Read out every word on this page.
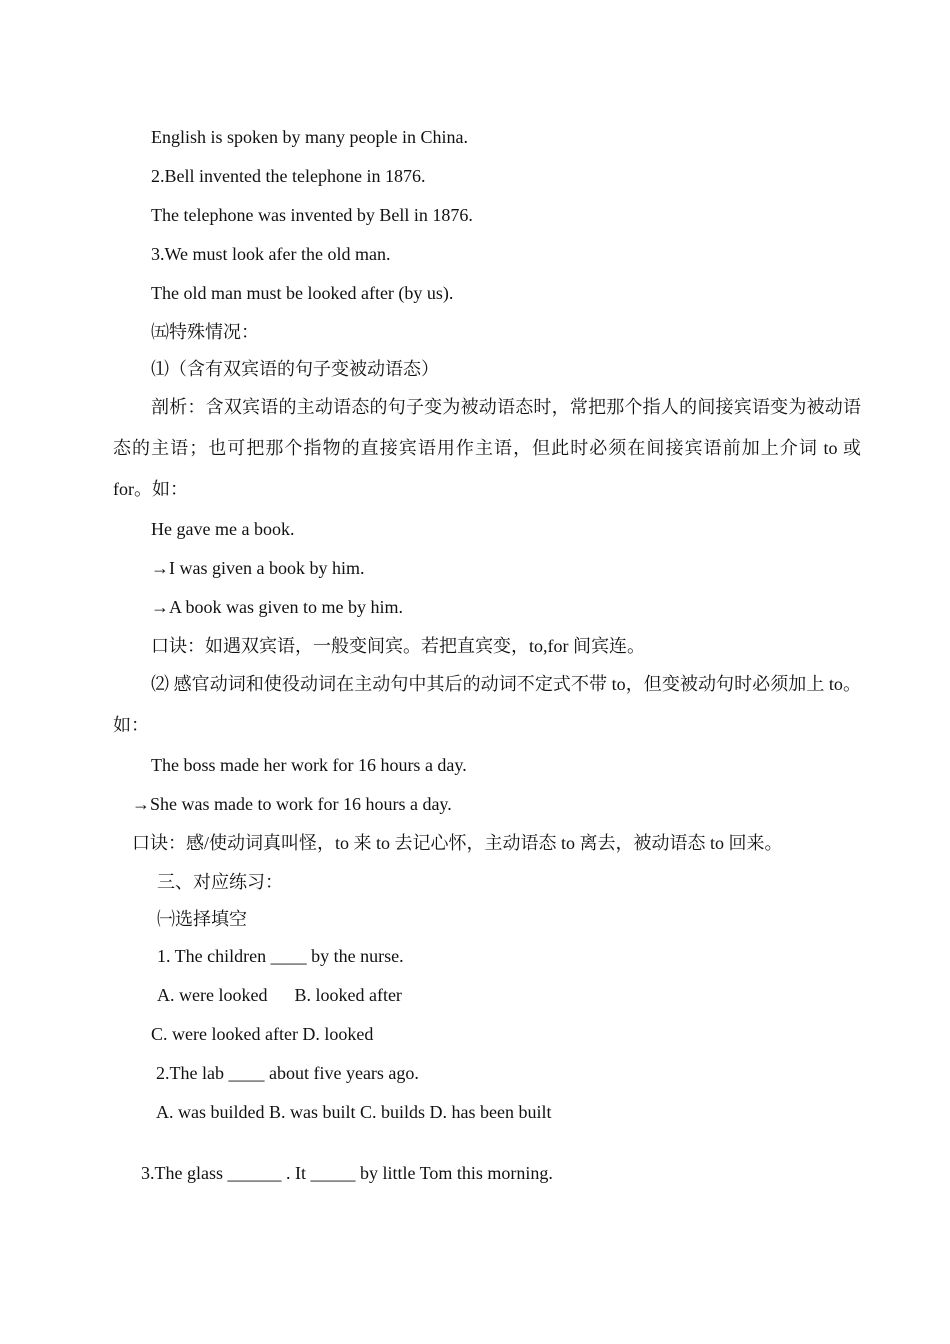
English is spoken by many people in China.
2.Bell invented the telephone in 1876.
The telephone was invented by Bell in 1876.
3.We must look afer the old man.
The old man must be looked after (by us).
㈤特殊情况：
⑴（含有双宾语的句子变被动语态）
剖析：含双宾语的主动语态的句子变为被动语态时，常把那个指人的间接宾语变为被动语态的主语；也可把那个指物的直接宾语用作主语，但此时必须在间接宾语前加上介词 to 或 for。如：
He gave me a book.
→I was given a book by him.
→A book was given to me by him.
口诀：如遇双宾语，一般变间宾。若把直宾变，to,for 间宾连。
⑵ 感官动词和使役动词在主动句中其后的动词不定式不带 to，但变被动句时必须加上 to。如：
The boss made her work for 16 hours a day.
→She was made to work for 16 hours a day.
口诀：感/使动词真叫怪，to 来 to 去记心怀，主动语态 to 离去，被动语态 to 回来。
三、对应练习：
㈠选择填空
1. The children ____ by the nurse.
A. were looked      B. looked after
C. were looked after D. looked
2.The lab ____ about five years ago.
A. was builded B. was built C. builds D. has been built
3.The glass ______ . It _____ by little Tom this morning.
